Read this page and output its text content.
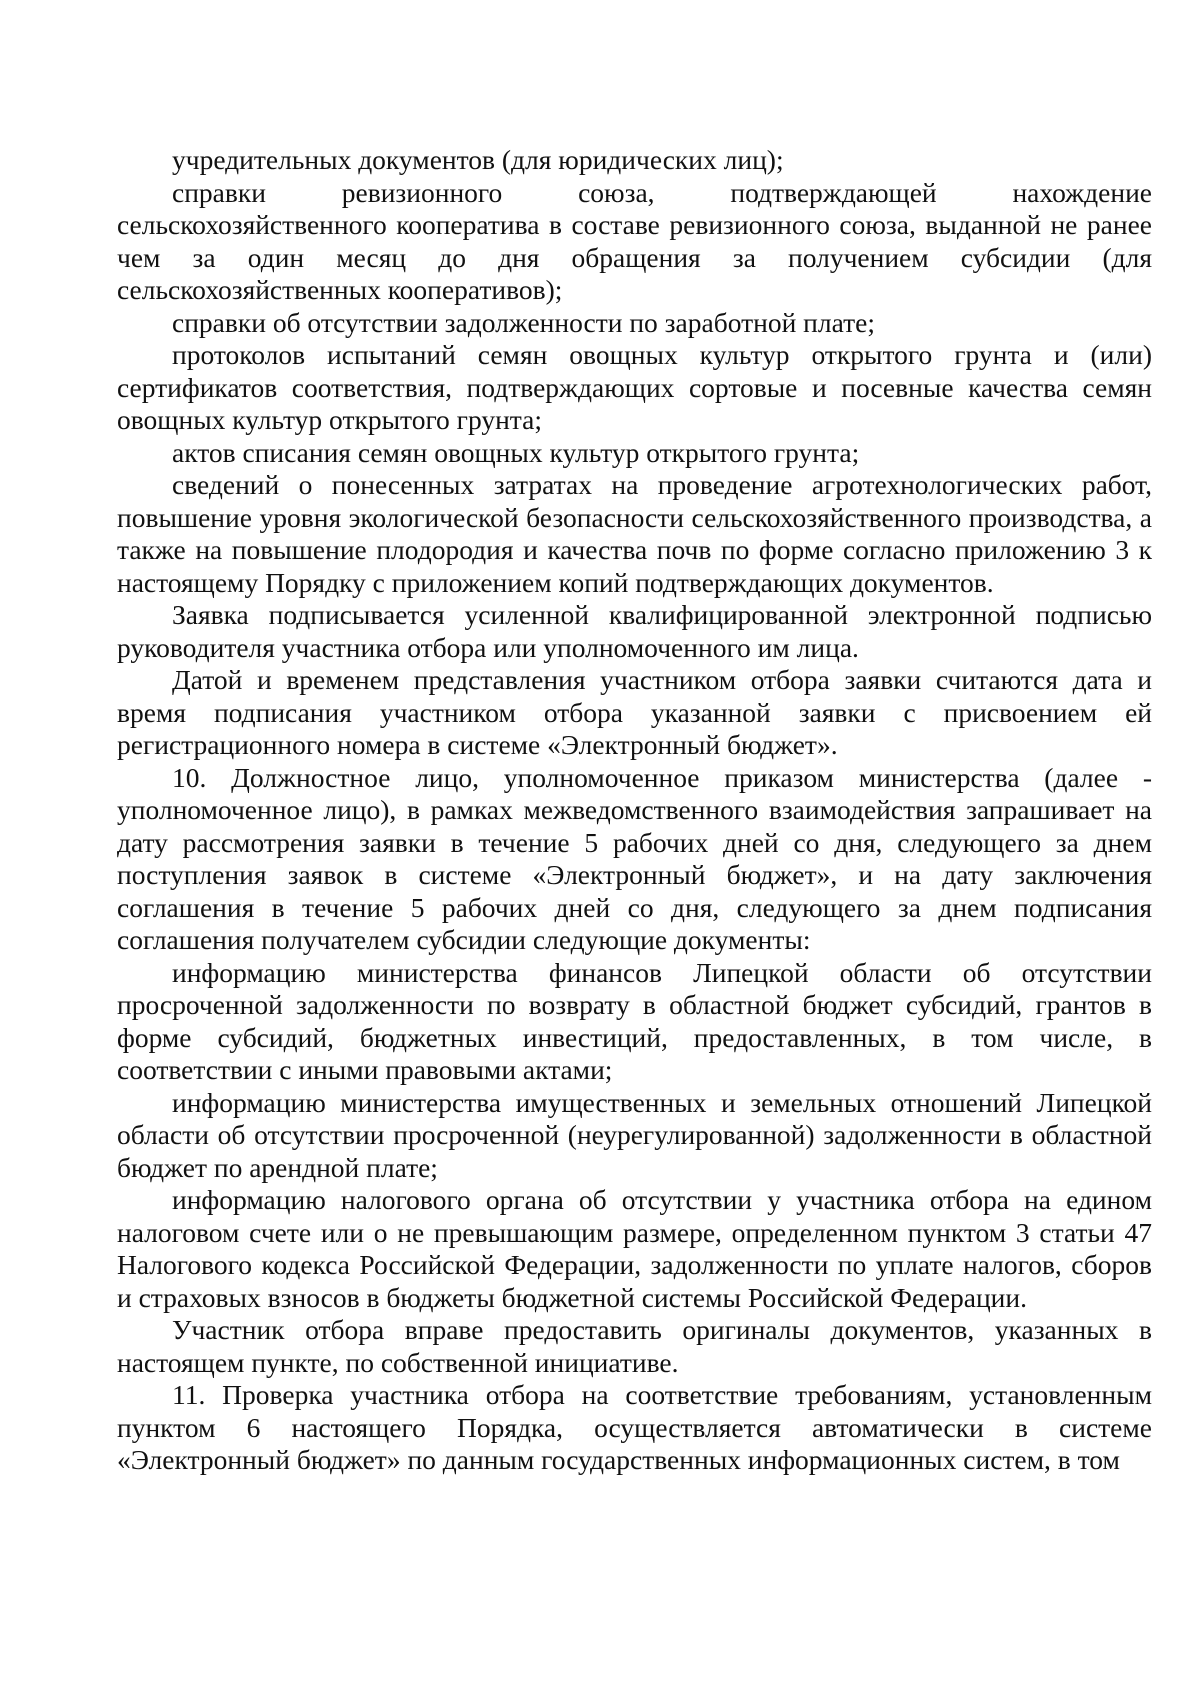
учредительных документов (для юридических лиц);

справки ревизионного союза, подтверждающей нахождение сельскохозяйственного кооператива в составе ревизионного союза, выданной не ранее чем за один месяц до дня обращения за получением субсидии (для сельскохозяйственных кооперативов);

справки об отсутствии задолженности по заработной плате;

протоколов испытаний семян овощных культур открытого грунта и (или) сертификатов соответствия, подтверждающих сортовые и посевные качества семян овощных культур открытого грунта;

актов списания семян овощных культур открытого грунта;

сведений о понесенных затратах на проведение агротехнологических работ, повышение уровня экологической безопасности сельскохозяйственного производства, а также на повышение плодородия и качества почв по форме согласно приложению 3 к настоящему Порядку с приложением копий подтверждающих документов.

Заявка подписывается усиленной квалифицированной электронной подписью руководителя участника отбора или уполномоченного им лица.

Датой и временем представления участником отбора заявки считаются дата и время подписания участником отбора указанной заявки с присвоением ей регистрационного номера в системе «Электронный бюджет».

10. Должностное лицо, уполномоченное приказом министерства (далее - уполномоченное лицо), в рамках межведомственного взаимодействия запрашивает на дату рассмотрения заявки в течение 5 рабочих дней со дня, следующего за днем поступления заявок в системе «Электронный бюджет», и на дату заключения соглашения в течение 5 рабочих дней со дня, следующего за днем подписания соглашения получателем субсидии следующие документы:

информацию министерства финансов Липецкой области об отсутствии просроченной задолженности по возврату в областной бюджет субсидий, грантов в форме субсидий, бюджетных инвестиций, предоставленных, в том числе, в соответствии с иными правовыми актами;

информацию министерства имущественных и земельных отношений Липецкой области об отсутствии просроченной (неурегулированной) задолженности в областной бюджет по арендной плате;

информацию налогового органа об отсутствии у участника отбора на едином налоговом счете или о не превышающим размере, определенном пунктом 3 статьи 47 Налогового кодекса Российской Федерации, задолженности по уплате налогов, сборов и страховых взносов в бюджеты бюджетной системы Российской Федерации.

Участник отбора вправе предоставить оригиналы документов, указанных в настоящем пункте, по собственной инициативе.

11. Проверка участника отбора на соответствие требованиям, установленным пунктом 6 настоящего Порядка, осуществляется автоматически в системе «Электронный бюджет» по данным государственных информационных систем, в том
